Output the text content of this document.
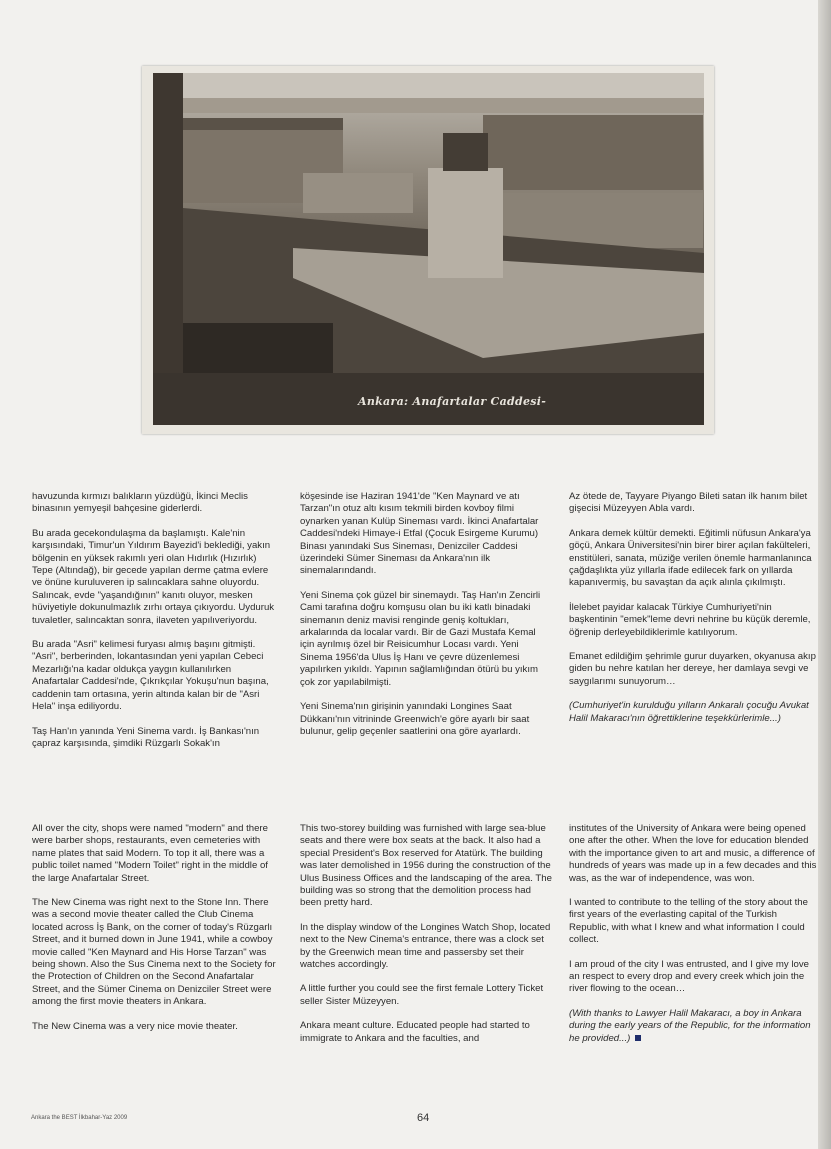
Ankara: Anafartalar Caddesi-

havuzunda kırmızı balıkların yüzdüğü, İkinci Meclis binasının yemyeşil bahçesine giderlerdi.

Bu arada gecekondulaşma da başlamıştı. Kale'nin karşısındaki, Timur'un Yıldırım Bayezid'i beklediği, yakın bölgenin en yüksek rakımlı yeri olan Hıdırlık (Hızırlık) Tepe (Altındağ), bir gecede yapılan derme çatma evlere ve önüne kuruluveren ip salıncaklara sahne oluyordu. Salıncak, evde "yaşandığının" kanıtı oluyor, mesken hüviyetiyle dokunulmazlık zırhı ortaya çıkıyordu. Uyduruk tuvaletler, salıncaktan sonra, ilaveten yapılıveriyordu.

Bu arada "Asri" kelimesi furyası almış başını gitmişti. "Asri", berberinden, lokantasından yeni yapılan Cebeci Mezarlığı'na kadar oldukça yaygın kullanılırken Anafartalar Caddesi'nde, Çıkrıkçılar Yokuşu'nun başına, caddenin tam ortasına, yerin altında kalan bir de "Asri Hela" inşa ediliyordu.

Taş Han'ın yanında Yeni Sinema vardı. İş Bankası'nın çapraz karşısında, şimdiki Rüzgarlı Sokak'ın

köşesinde ise Haziran 1941'de "Ken Maynard ve atı Tarzan"ın otuz altı kısım tekmili birden kovboy filmi oynarken yanan Kulüp Sineması vardı. İkinci Anafartalar Caddesi'ndeki Himaye-i Etfal (Çocuk Esirgeme Kurumu) Binası yanındaki Sus Sineması, Denizciler Caddesi üzerindeki Sümer Sineması da Ankara'nın ilk sinemalarındandı.

Yeni Sinema çok güzel bir sinemaydı. Taş Han'ın Zencirli Cami tarafına doğru komşusu olan bu iki katlı binadaki sinemanın deniz mavisi renginde geniş koltukları, arkalarında da localar vardı. Bir de Gazi Mustafa Kemal için ayrılmış özel bir Reisicumhur Locası vardı. Yeni Sinema 1956'da Ulus İş Hanı ve çevre düzenlemesi yapılırken yıkıldı. Yapının sağlamlığından ötürü bu yıkım çok zor yapılabilmişti.

Yeni Sinema'nın girişinin yanındaki Longines Saat Dükkanı'nın vitrininde Greenwich'e göre ayarlı bir saat bulunur, gelip geçenler saatlerini ona göre ayarlardı.

Az ötede de, Tayyare Piyango Bileti satan ilk hanım bilet gişecisi Müzeyyen Abla vardı.

Ankara demek kültür demekti. Eğitimli nüfusun Ankara'ya göçü, Ankara Üniversitesi'nin birer birer açılan fakülteleri, enstitüleri, sanata, müziğe verilen önemle harmanlanınca çağdaşlıkta yüz yıllarla ifade edilecek fark on yıllarda kapanıvermiş, bu savaştan da açık alınla çıkılmıştı.

İlelebet payidar kalacak Türkiye Cumhuriyeti'nin başkentinin "emek"leme devri nehrine bu küçük deremle, öğrenip derleyebildiklerimle katılıyorum.

Emanet edildiğim şehrimle gurur duyarken, okyanusa akıp giden bu nehre katılan her dereye, her damlaya sevgi ve saygılarımı sunuyorum…

(Cumhuriyet'in kurulduğu yılların Ankaralı çocuğu Avukat Halil Makaracı'nın öğrettiklerine teşekkürlerimle...)

All over the city, shops were named "modern" and there were barber shops, restaurants, even cemeteries with name plates that said Modern. To top it all, there was a public toilet named "Modern Toilet" right in the middle of the large Anafartalar Street.

The New Cinema was right next to the Stone Inn. There was a second movie theater called the Club Cinema located across İş Bank, on the corner of today's Rüzgarlı Street, and it burned down in June 1941, while a cowboy movie called "Ken Maynard and His Horse Tarzan" was being shown. Also the Sus Cinema next to the Society for the Protection of Children on the Second Anafartalar Street, and the Sümer Cinema on Denizciler Street were among the first movie theaters in Ankara.

The New Cinema was a very nice movie theater.

This two-storey building was furnished with large sea-blue seats and there were box seats at the back. It also had a special President's Box reserved for Atatürk. The building was later demolished in 1956 during the construction of the Ulus Business Offices and the landscaping of the area. The building was so strong that the demolition process had been pretty hard.

In the display window of the Longines Watch Shop, located next to the New Cinema's entrance, there was a clock set by the Greenwich mean time and passersby set their watches accordingly.

A little further you could see the first female Lottery Ticket seller Sister Müzeyyen.

Ankara meant culture. Educated people had started to immigrate to Ankara and the faculties, and

institutes of the University of Ankara were being opened one after the other. When the love for education blended with the importance given to art and music, a difference of hundreds of years was made up in a few decades and this was, as the war of independence, was won.

I wanted to contribute to the telling of the story about the first years of the everlasting capital of the Turkish Republic, with what I knew and what information I could collect.

I am proud of the city I was entrusted, and I give my love an respect to every drop and every creek which join the river flowing to the ocean…

(With thanks to Lawyer Halil Makaracı, a boy in Ankara during the early years of the Republic, for the information he provided...)

Ankara the BEST İlkbahar-Yaz 2009	64
